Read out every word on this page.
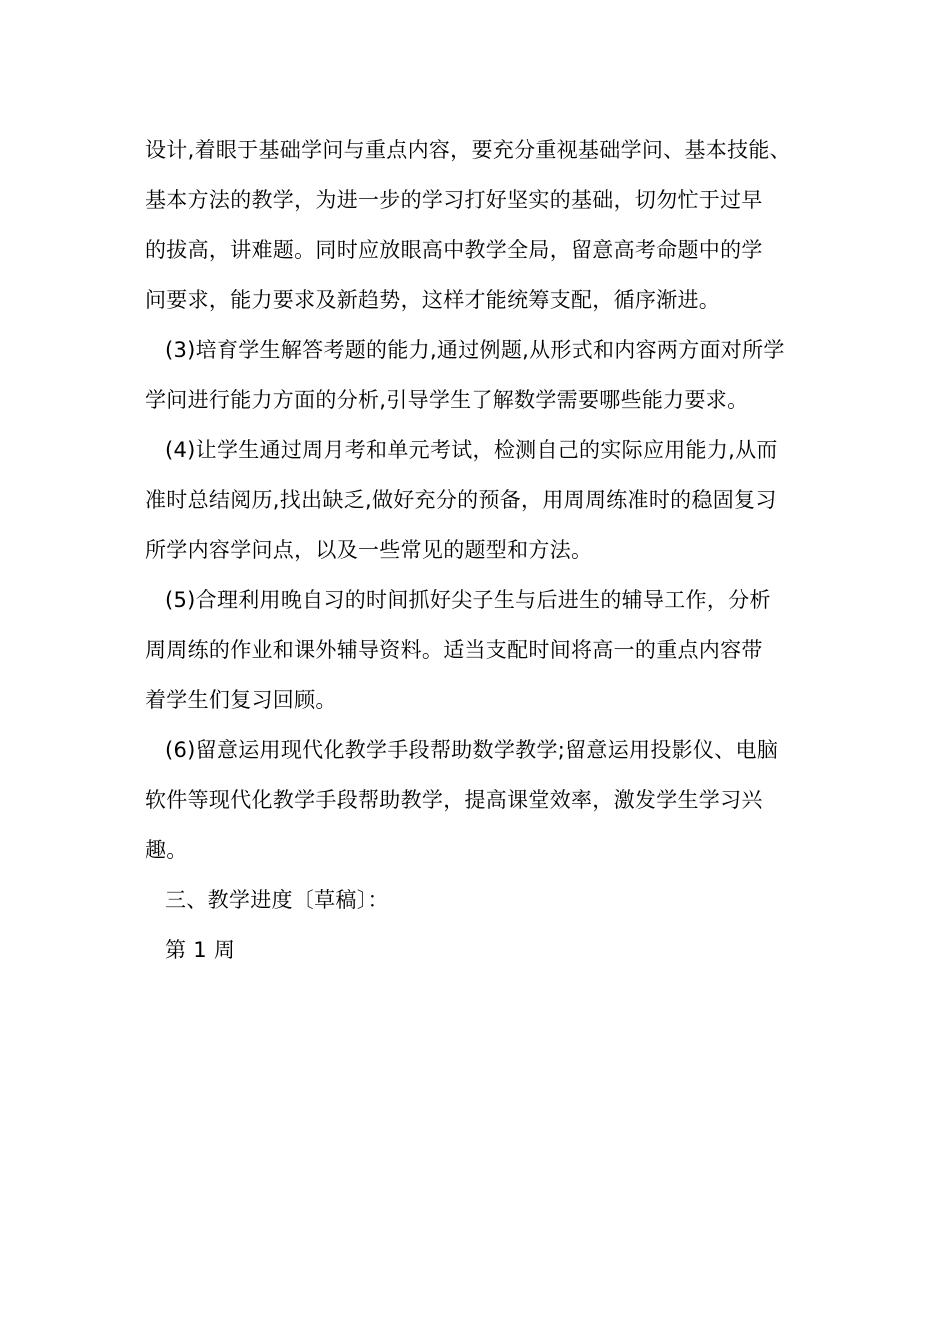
设计,着眼于基础学问与重点内容，要充分重视基础学问、基本技能、
基本方法的教学，为进一步的学习打好坚实的基础，切勿忙于过早
的拔高，讲难题。同时应放眼高中教学全局，留意高考命题中的学
问要求，能力要求及新趋势，这样才能统筹支配，循序渐进。
(3)培育学生解答考题的能力,通过例题,从形式和内容两方面对所学
学问进行能力方面的分析,引导学生了解数学需要哪些能力要求。
(4)让学生通过周月考和单元考试，检测自己的实际应用能力,从而
准时总结阅历,找出缺乏,做好充分的预备，用周周练准时的稳固复习
所学内容学问点，以及一些常见的题型和方法。
(5)合理利用晚自习的时间抓好尖子生与后进生的辅导工作，分析
周周练的作业和课外辅导资料。适当支配时间将高一的重点内容带
着学生们复习回顾。
(6)留意运用现代化教学手段帮助数学教学;留意运用投影仪、电脑
软件等现代化教学手段帮助教学，提高课堂效率，激发学生学习兴
趣。
三、教学进度〔草稿〕：
第 1 周
